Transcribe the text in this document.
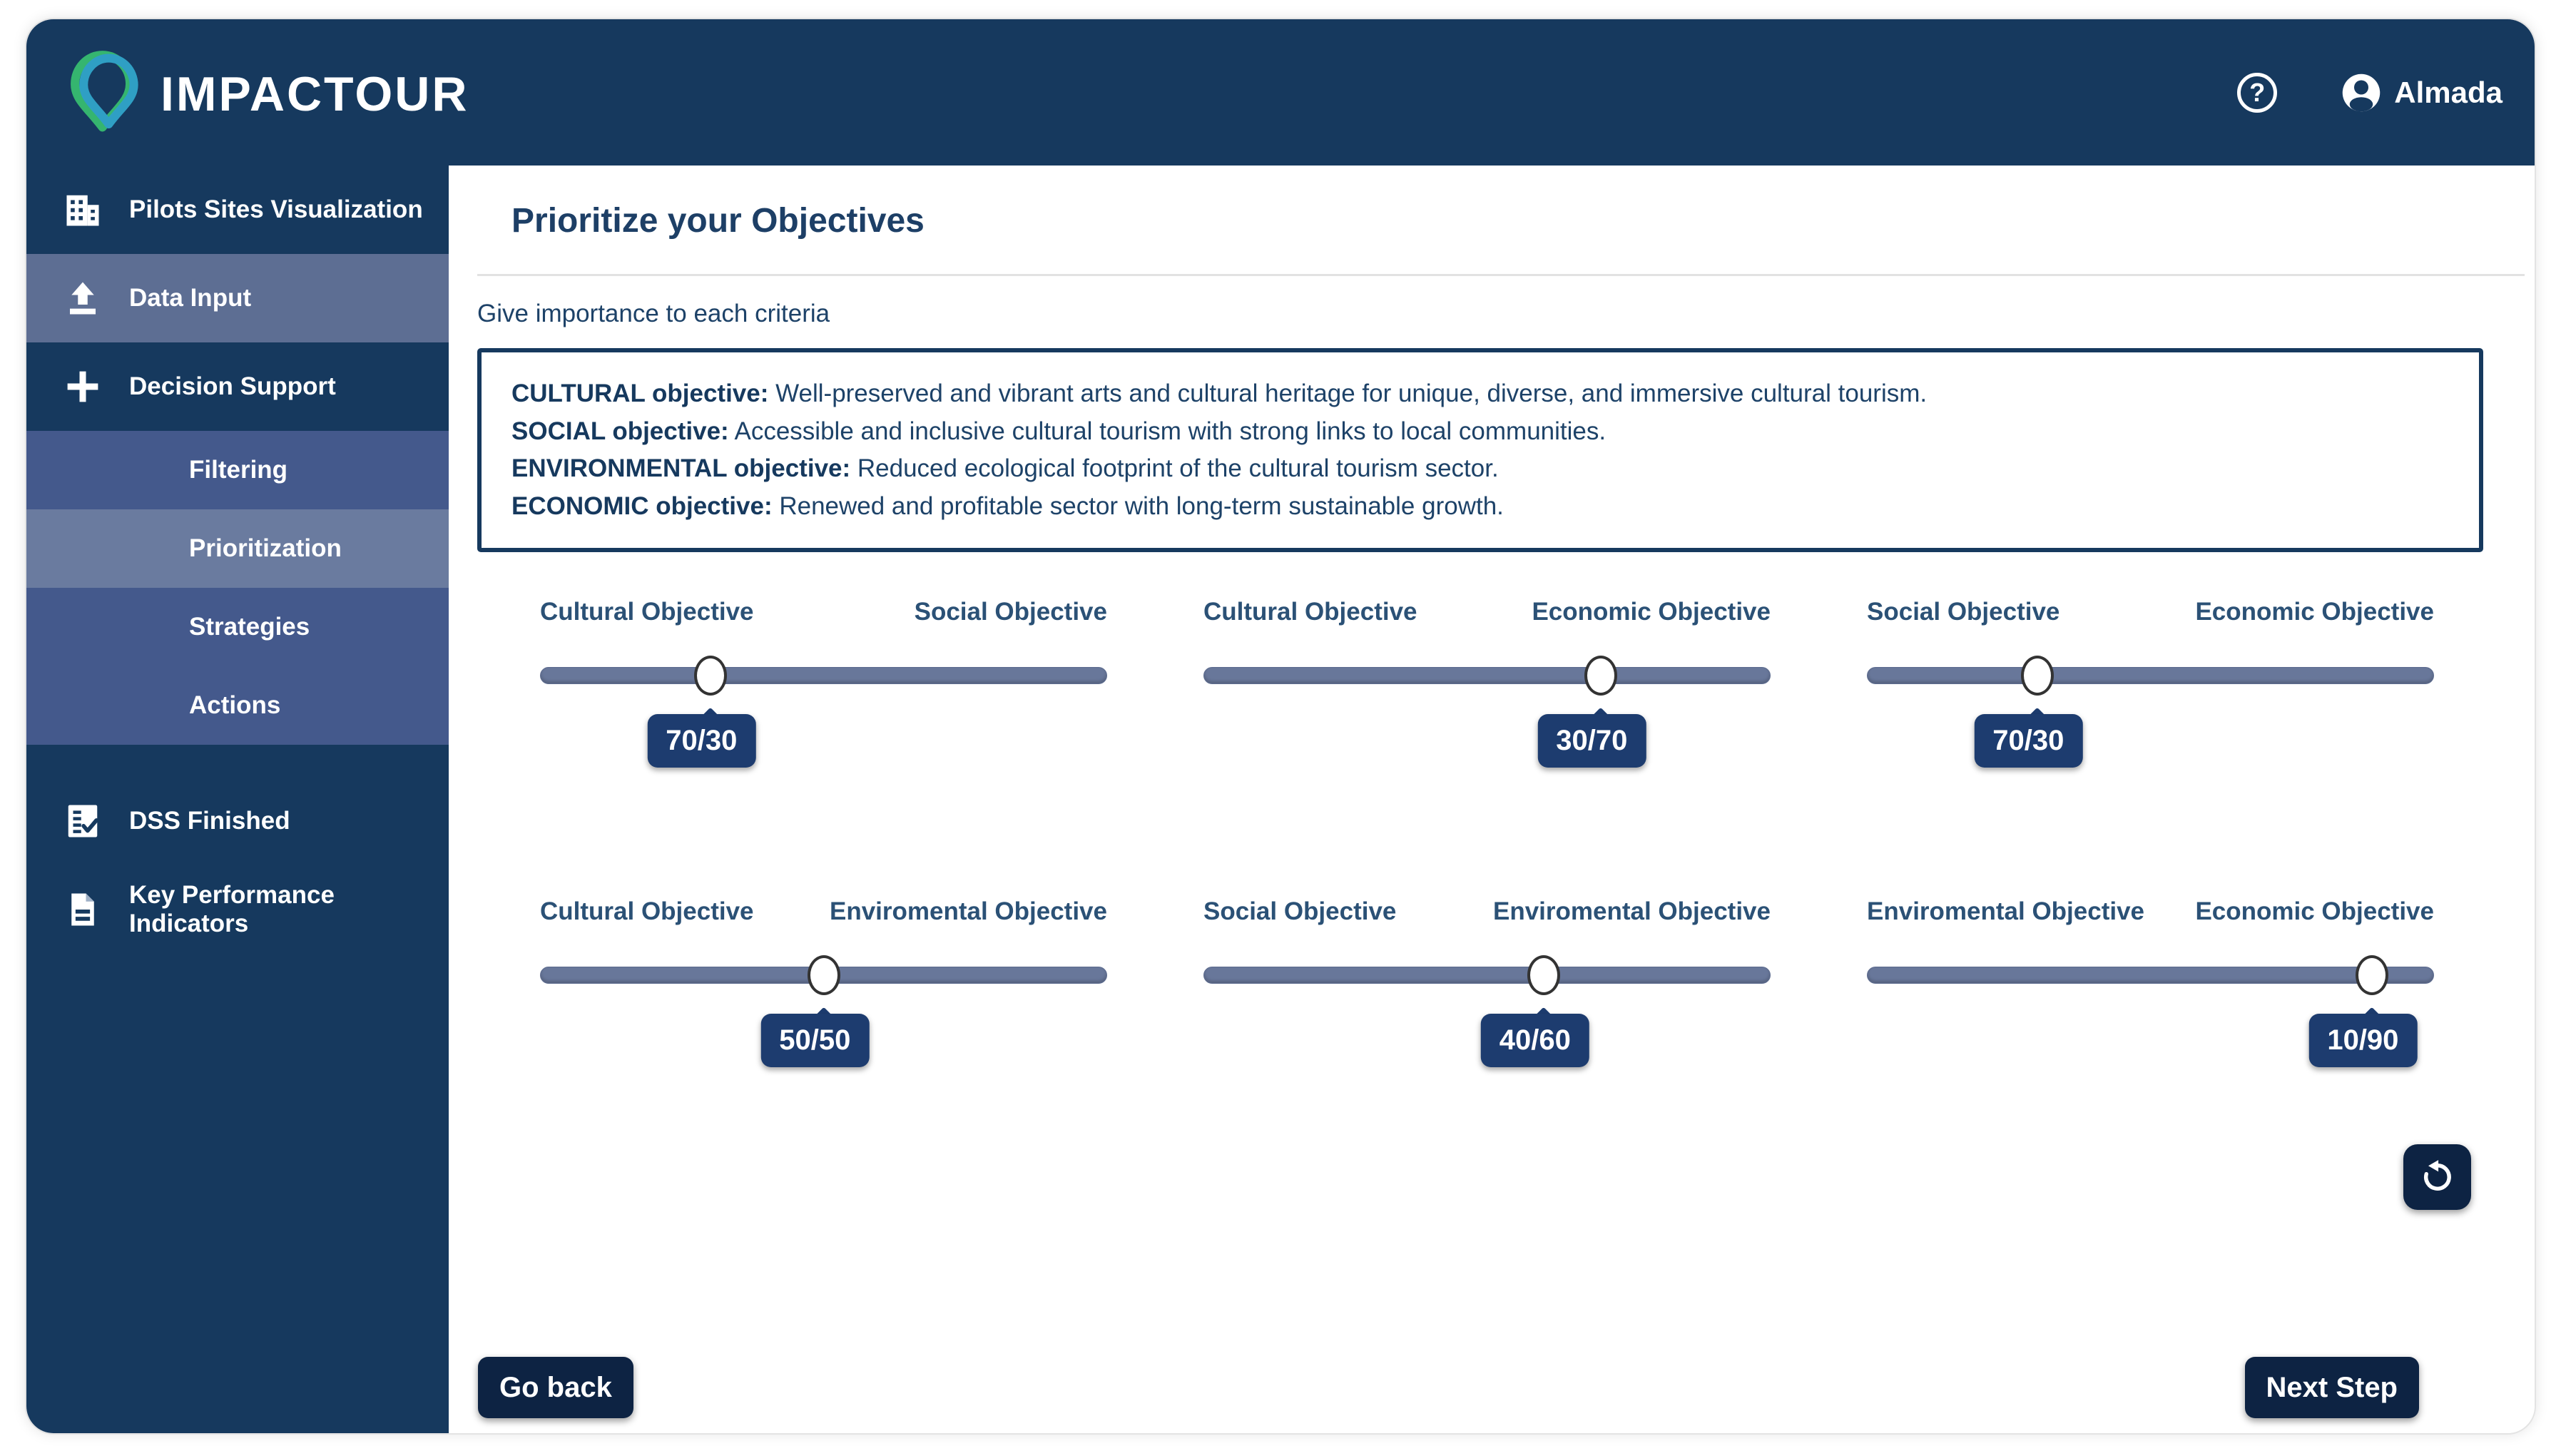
IMPACTOUR	?	Almada
Pilots Sites Visualization
Data Input
Decision Support
Filtering
Prioritization
Strategies
Actions
DSS Finished
Key Performance Indicators
Prioritize your Objectives
Give importance to each criteria
CULTURAL objective: Well-preserved and vibrant arts and cultural heritage for unique, diverse, and immersive cultural tourism.
SOCIAL objective: Accessible and inclusive cultural tourism with strong links to local communities.
ENVIRONMENTAL objective: Reduced ecological footprint of the cultural tourism sector.
ECONOMIC objective: Renewed and profitable sector with long-term sustainable growth.
Cultural Objective	Social Objective
70/30
Cultural Objective	Economic Objective
30/70
Social Objective	Economic Objective
70/30
Cultural Objective	Enviromental Objective
50/50
Social Objective	Enviromental Objective
40/60
Enviromental Objective Economic Objective
10/90
Go back	Next Step
